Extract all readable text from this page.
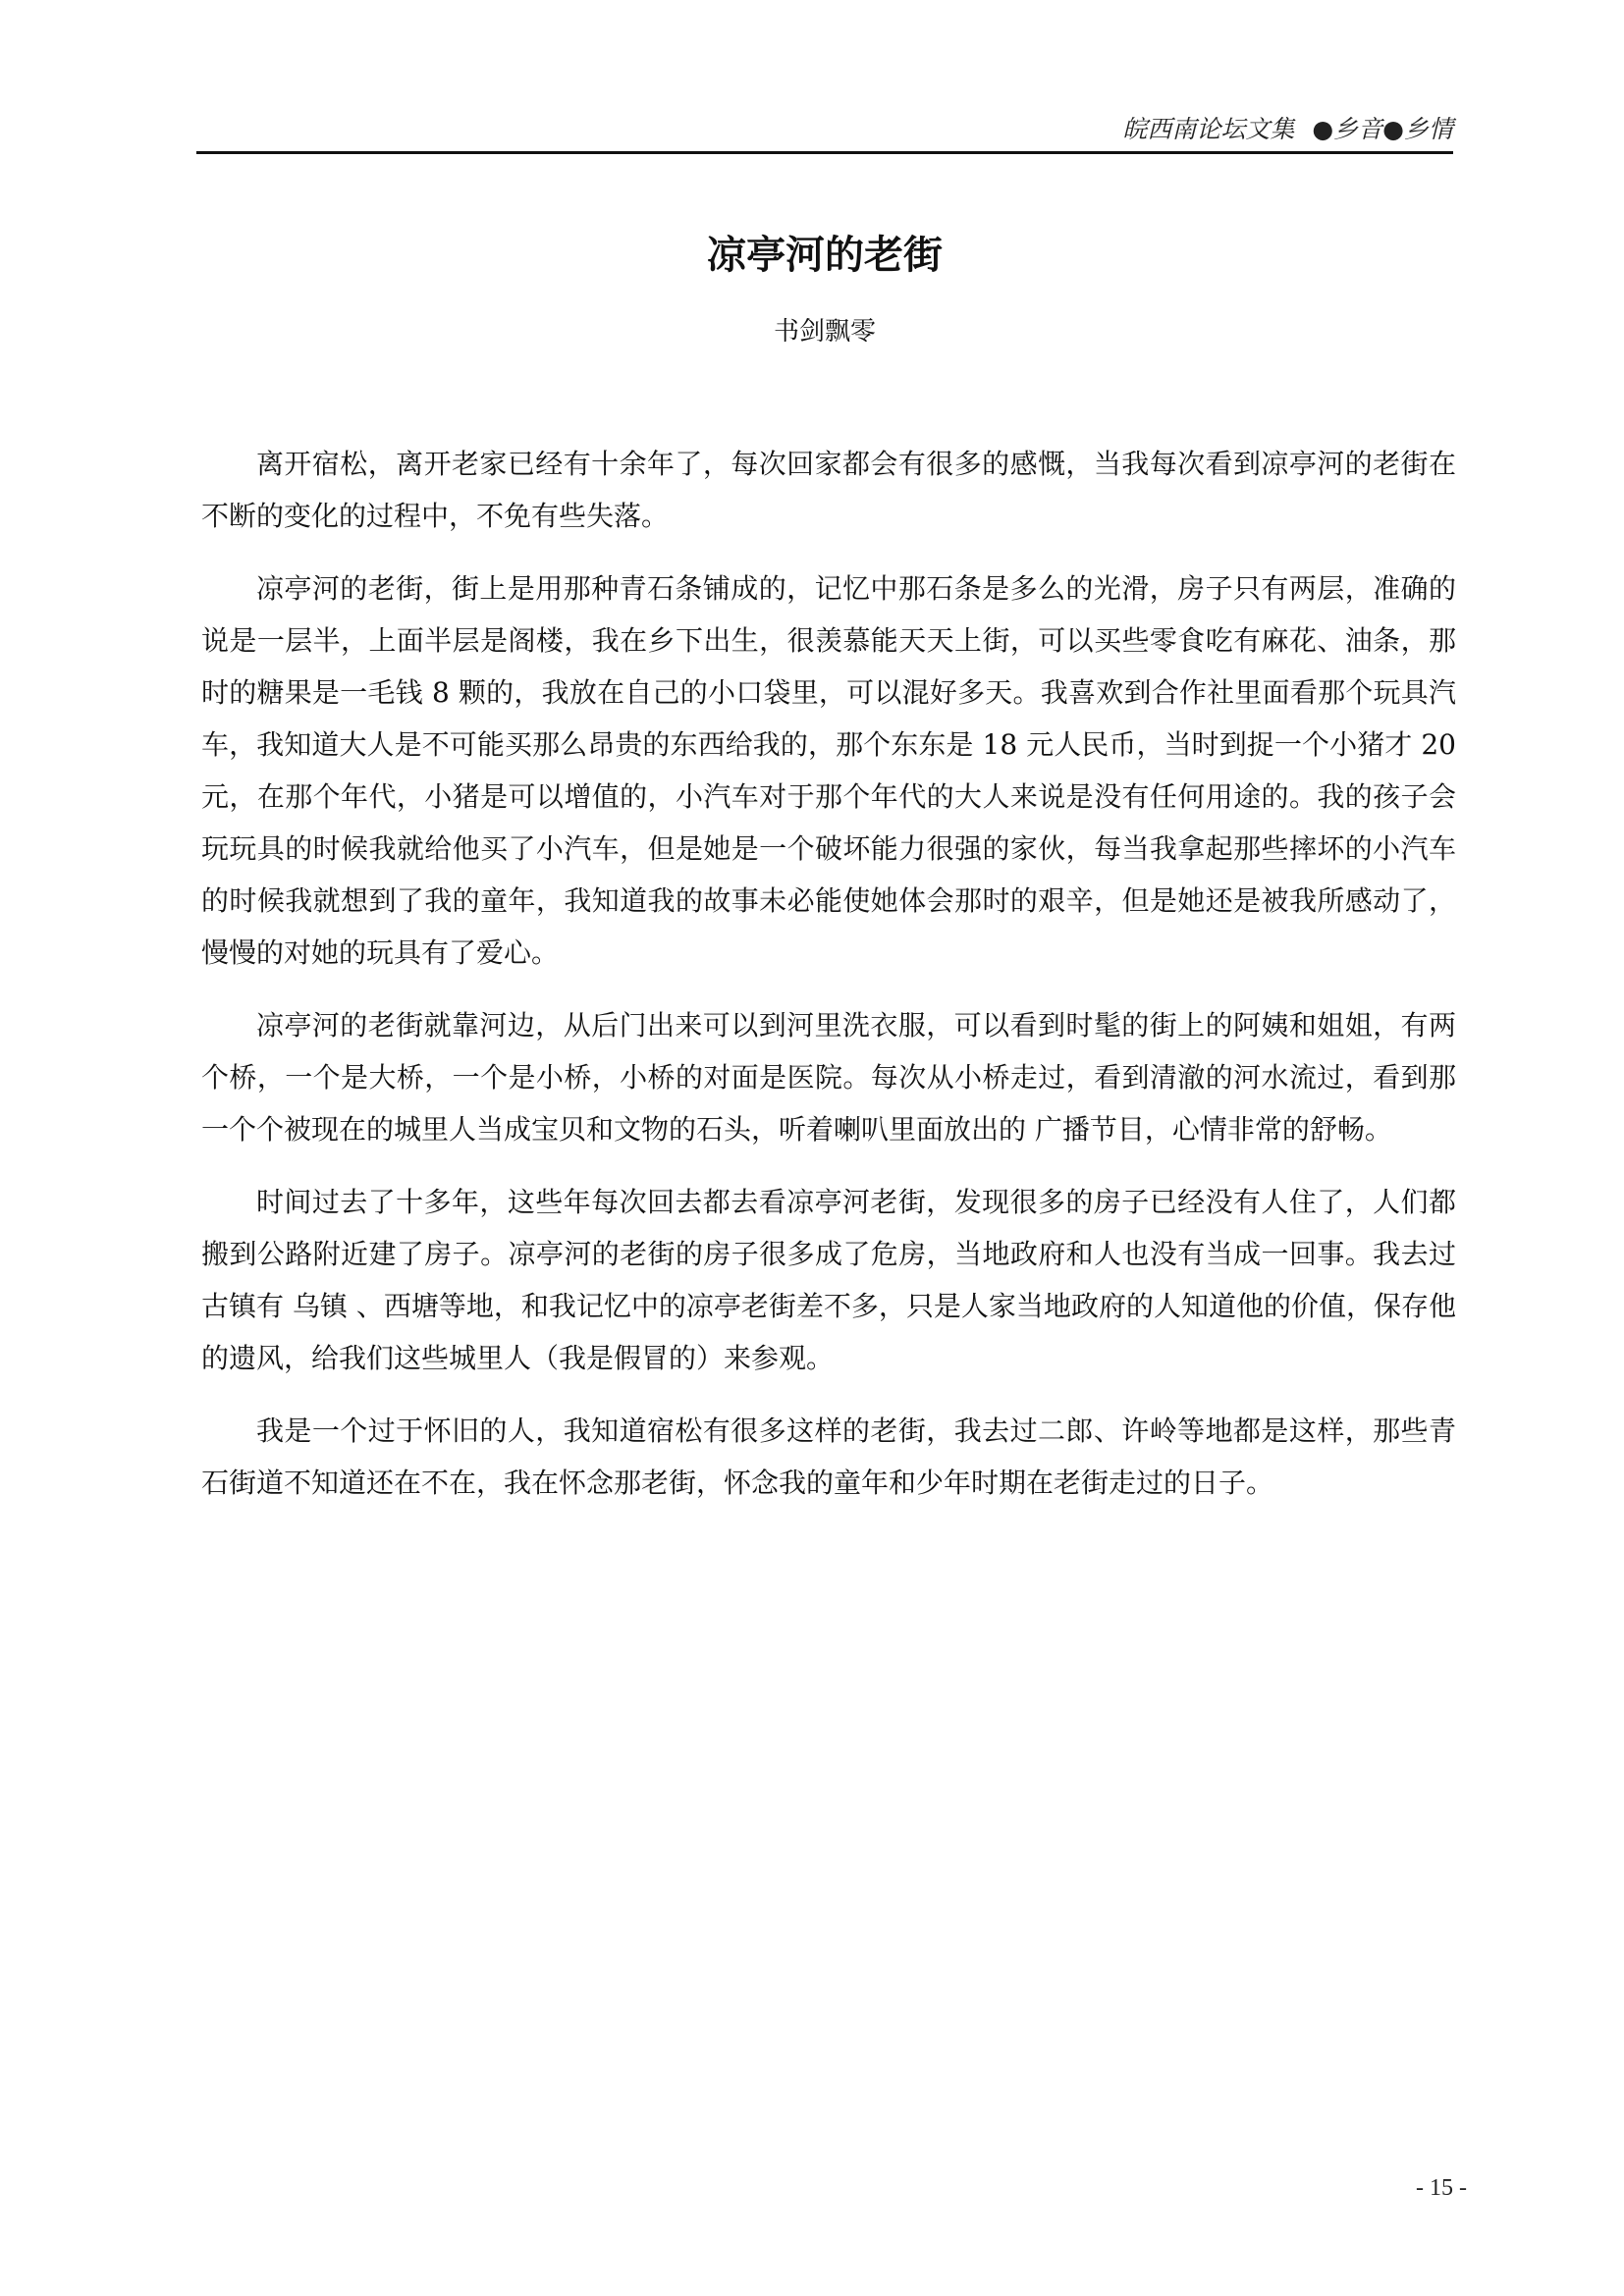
皖西南论坛文集 ●乡音●乡情
凉亭河的老街
书剑飘零

离开宿松，离开老家已经有十余年了，每次回家都会有很多的感慨，当我每次看到凉亭河的老街在不断的变化的过程中，不免有些失落。

凉亭河的老街，街上是用那种青石条铺成的，记忆中那石条是多么的光滑，房子只有两层，准确的说是一层半，上面半层是阁楼，我在乡下出生，很羡慕能天天上街，可以买些零食吃有麻花、油条，那时的糖果是一毛钱 8 颗的，我放在自己的小口袋里，可以混好多天。我喜欢到合作社里面看那个玩具汽车，我知道大人是不可能买那么昂贵的东西给我的，那个东东是 18 元人民币，当时到捉一个小猪才 20 元，在那个年代，小猪是可以增值的，小汽车对于那个年代的大人来说是没有任何用途的。我的孩子会玩玩具的时候我就给他买了小汽车，但是她是一个破坏能力很强的家伙，每当我拿起那些摔坏的小汽车的时候我就想到了我的童年，我知道我的故事未必能使她体会那时的艰辛，但是她还是被我所感动了，慢慢的对她的玩具有了爱心。

凉亭河的老街就靠河边，从后门出来可以到河里洗衣服，可以看到时髦的街上的阿姨和姐姐，有两个桥，一个是大桥，一个是小桥，小桥的对面是医院。每次从小桥走过，看到清澈的河水流过，看到那一个个被现在的城里人当成宝贝和文物的石头，听着喇叭里面放出的 广播节目，心情非常的舒畅。

时间过去了十多年，这些年每次回去都去看凉亭河老街，发现很多的房子已经没有人住了，人们都搬到公路附近建了房子。凉亭河的老街的房子很多成了危房，当地政府和人也没有当成一回事。我去过古镇有 乌镇 、西塘等地，和我记忆中的凉亭老街差不多，只是人家当地政府的人知道他的价值，保存他的遗风，给我们这些城里人（我是假冒的）来参观。

我是一个过于怀旧的人，我知道宿松有很多这样的老街，我去过二郎、许岭等地都是这样，那些青石街道不知道还在不在，我在怀念那老街，怀念我的童年和少年时期在老街走过的日子。

- 15 -
